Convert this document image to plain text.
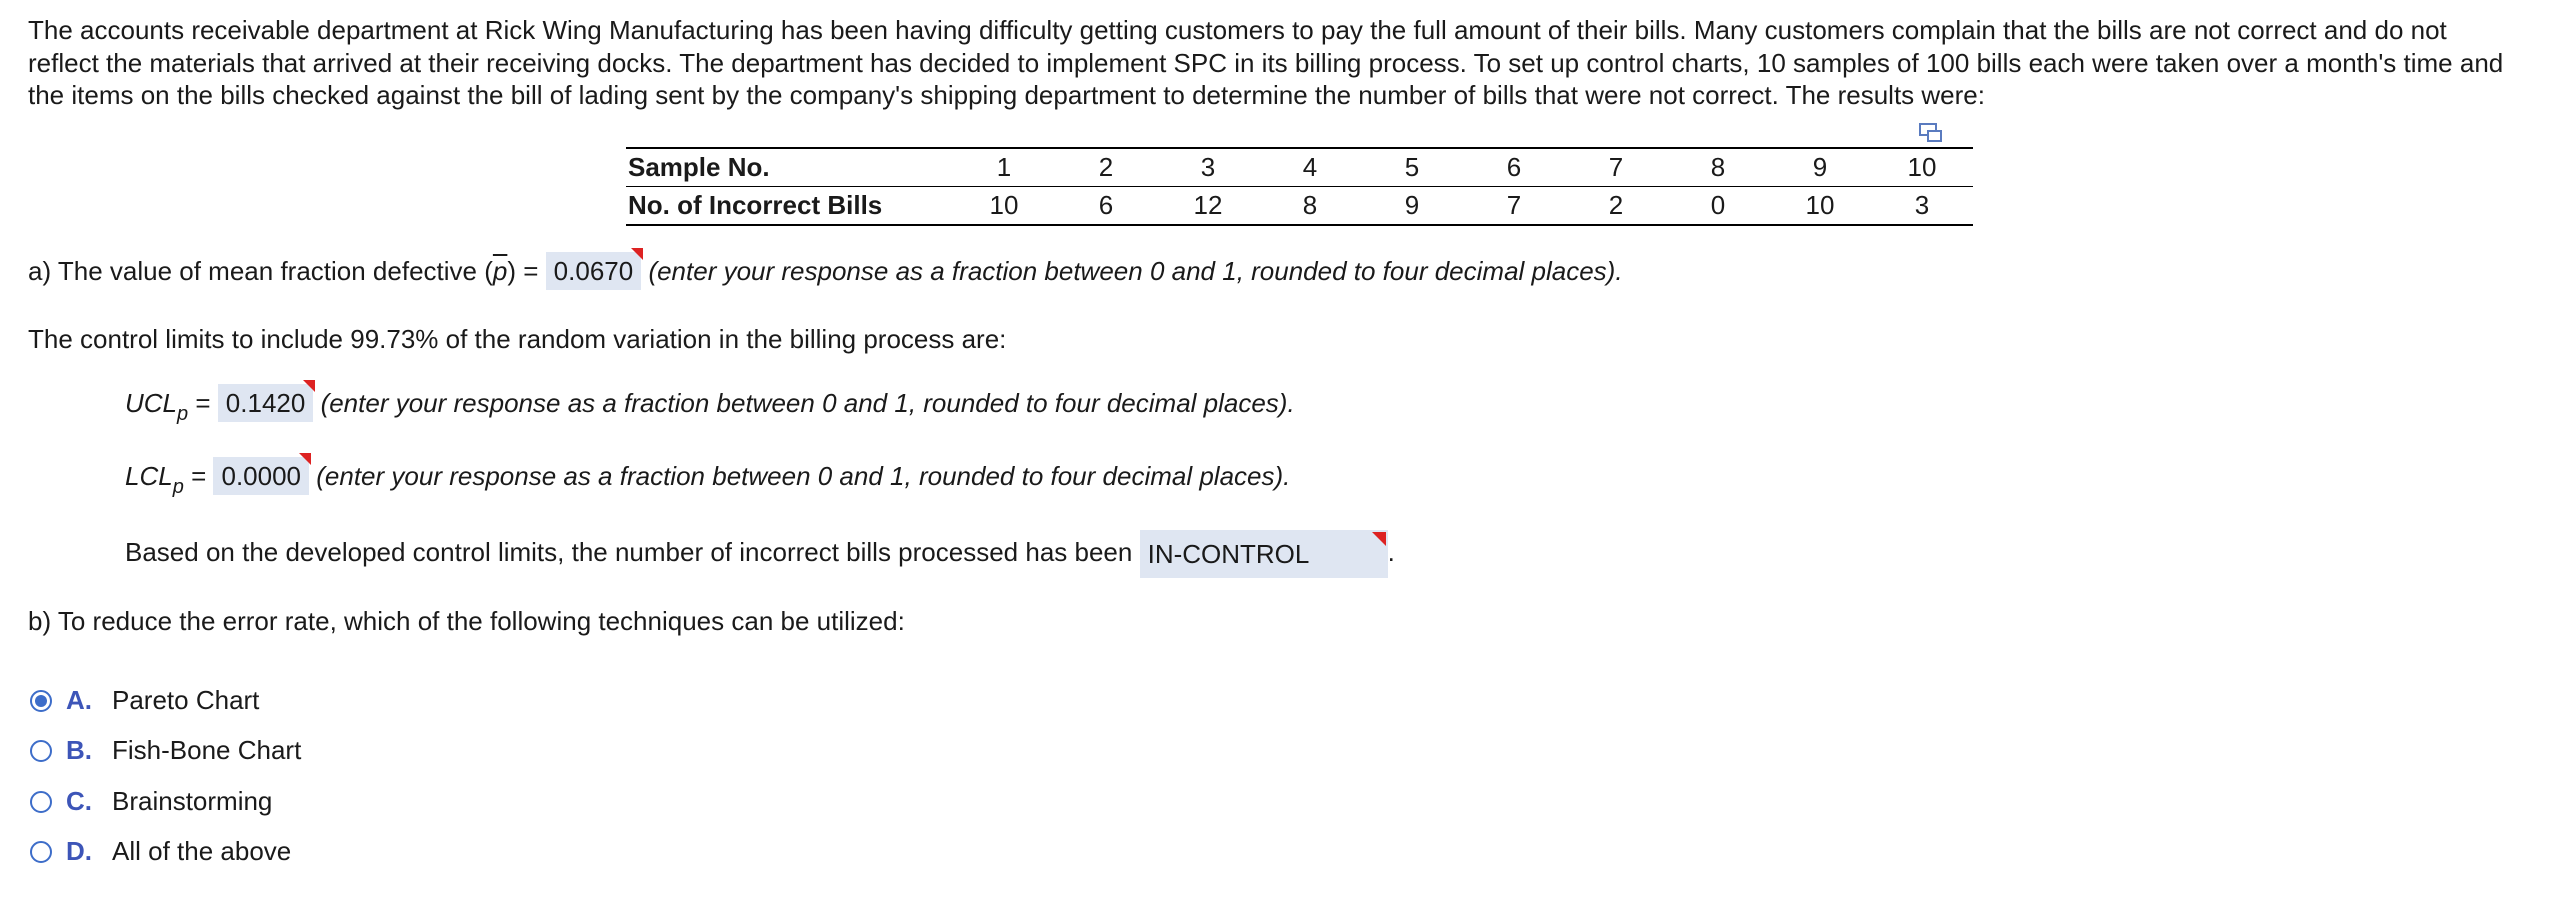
The accounts receivable department at Rick Wing Manufacturing has been having difficulty getting customers to pay the full amount of their bills. Many customers complain that the bills are not correct and do not

reflect the materials that arrived at their receiving docks. The department has decided to implement SPC in its billing process. To set up control charts, 10 samples of 100 bills each were taken over a month's time and

the items on the bills checked against the bill of lading sent by the company's shipping department to determine the number of bills that were not correct. The results were:

Sample No.	1	2	3	4	5	6	7	8	9	10
No. of Incorrect Bills	10	6	12	8	9	7	2	0	10	3
a) The value of mean fraction defective $(\overline{p}) = 0.0670$ (enter your response as a fraction between 0 and 1, rounded to four decimal places).
The control limits to include 99.73% of the random variation in the billing process are:
$UCL_p = 0.1420$ (enter your response as a fraction between 0 and 1, rounded to four decimal places).
$LCL_p = 0.0000$ (enter your response as a fraction between 0 and 1, rounded to four decimal places).
Based on the developed control limits, the number of incorrect bills processed has been IN-CONTROL	.
b) To reduce the error rate, which of the following techniques can be utilized:
A. Pareto Chart
B. Fish-Bone Chart
C. Brainstorming
D. All of the above
